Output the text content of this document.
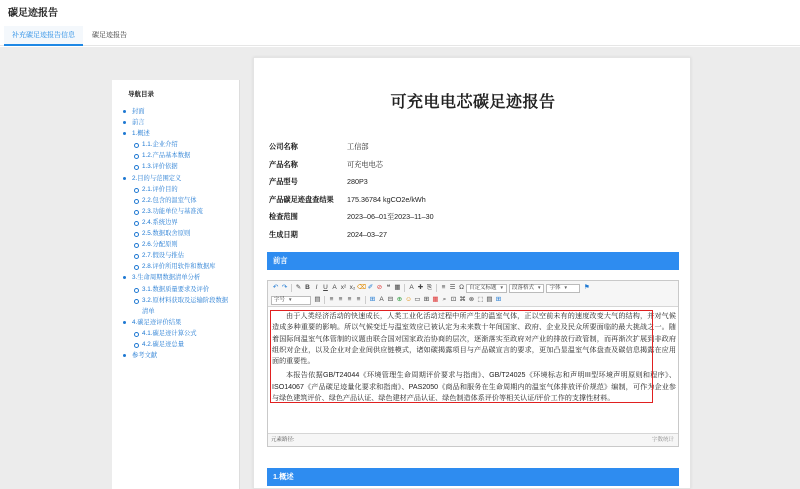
碳足迹报告
补充碳足迹报告信息	碳足迹报告
导航目录
封面
前言
1.概述
1.1.企业介绍
1.2.产品基本数据
1.3.评价依据
2.目的与范围定义
2.1.评价目的
2.2.包含的温室气体
2.3.功能单位与基准流
2.4.系统边界
2.5.数据取舍原则
2.6.分配原则
2.7.假设与推估
2.8.评价所用软件和数据库
3.生命周期数据清单分析
3.1.数据质量要求及评价
3.2.原材料获取及运输阶段数据
清单
4.碳足迹评价结果
4.1.碳足迹计算公式
4.2.碳足迹总量
参考文献
可充电电芯碳足迹报告
公司名称	工信部
产品名称	可充电电芯
产品型号	280P3
产品碳足迹盘查结果 175.36784 kgCO2e/kWh
检查范围	2023–06–01至2023–11–30
生成日期	2024–03–27
前言
↶ ↷ ✎ B I U A x² x₂ ⌫ ✐ ⊘ ❝ ▦	A ✚ ⎘	≡ ☰ Ω 自定义标题 ▼ 段落格式 ▼ 字体 ▼ ⚑
字号 ▼	▤	≡ ≡ ≡ ≡	⊞ A ⊟ ⊕ ☺ ▭ ⊞ ▦ ⌕ ⊡ ⌘ ⊗ ⬚ ▤ ⊞

由于人类经济活动的快速成长，人类工业化活动过程中所产生的温室气体，正以空前未有的速度改变大气的结构，并对气候造成多种重要的影响。所以气候变迁与温室效应已被认定为未来数十年间国家、政府、企业及民众所要面临的最大挑战之一。随着国际间温室气体管制的议题由联合国对国家政治协商的层次，逐渐落实至政府对产业的排放行政管制，而再渐次扩展到非政府组织对企业，以及企业对企业间供应链模式，诸如碳揭露项目与产品碳宣言的要求，更加凸显温室气体盘查及碳信息揭露在应用面的重要性。

本报告依据GB/T24044《环境管理生命周期评价要求与指南》、GB/T24025《环境标志和声明III型环境声明原则和程序》、ISO14067《产品碳足迹量化要求和指南》、PAS2050《商品和服务在生命周期内的温室气体排放评价规范》编制，可作为企业参与绿色建筑评价、绿色产品认证、绿色建材产品认证、绿色制造体系评价等相关认证/评价工作的支撑性材料。

元素路径:	字数统计
1.概述
